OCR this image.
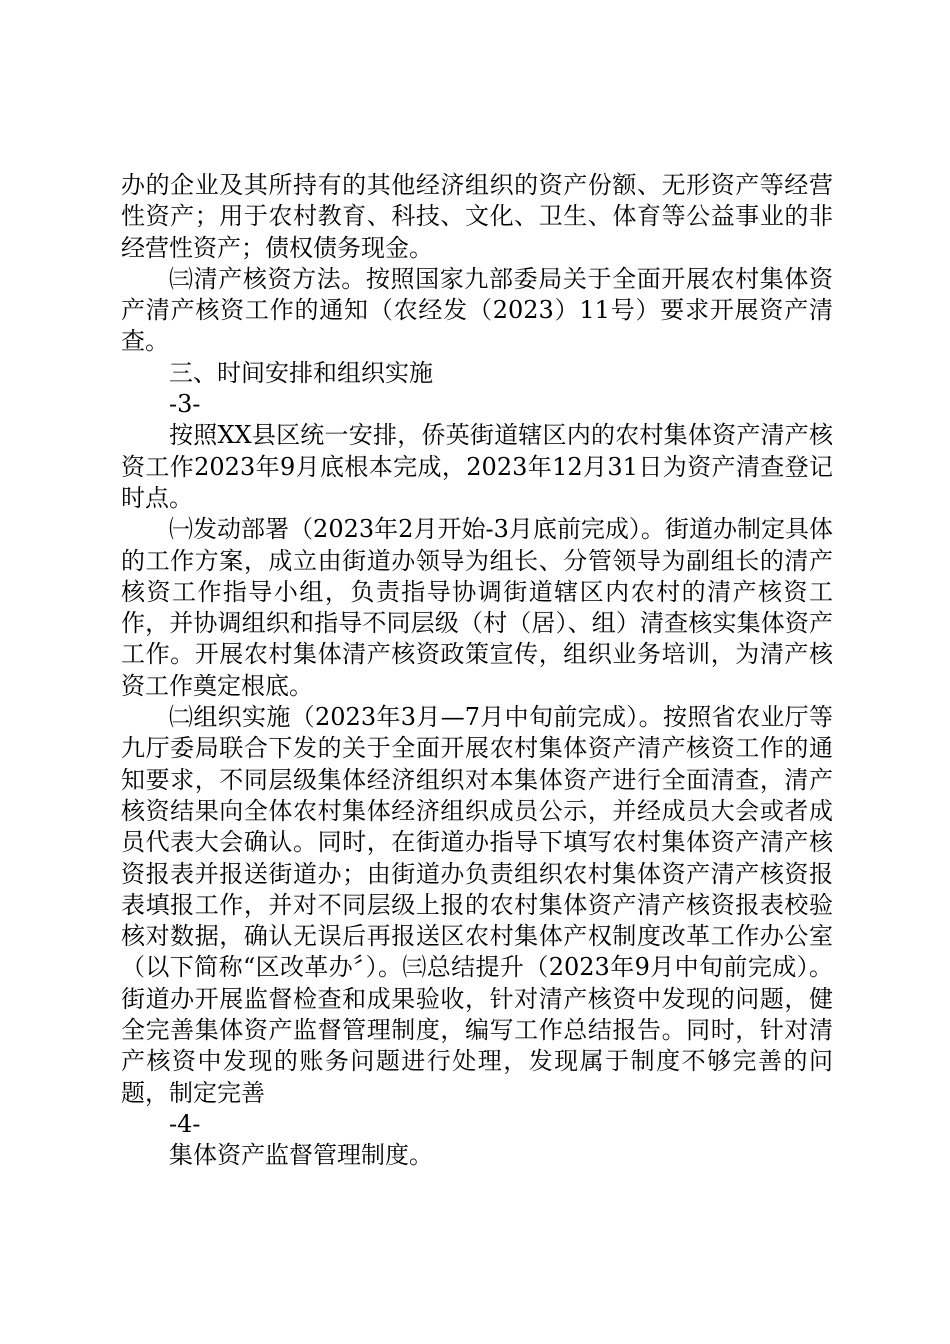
办的企业及其所持有的其他经济组织的资产份额、无形资产等经营性资产；用于农村教育、科技、文化、卫生、体育等公益事业的非经营性资产；债权债务现金。

㈢清产核资方法。按照国家九部委局关于全面开展农村集体资产清产核资工作的通知（农经发（2023）11号）要求开展资产清查。

三、时间安排和组织实施

-3-

按照XX县区统一安排，侨英街道辖区内的农村集体资产清产核资工作2023年9月底根本完成，2023年12月31日为资产清查登记时点。

㈠发动部署（2023年2月开始-3月底前完成）。街道办制定具体的工作方案，成立由街道办领导为组长、分管领导为副组长的清产核资工作指导小组，负责指导协调街道辖区内农村的清产核资工作，并协调组织和指导不同层级（村（居）、组）清查核实集体资产工作。开展农村集体清产核资政策宣传，组织业务培训，为清产核资工作奠定根底。

㈡组织实施（2023年3月—7月中旬前完成）。按照省农业厅等九厅委局联合下发的关于全面开展农村集体资产清产核资工作的通知要求，不同层级集体经济组织对本集体资产进行全面清查，清产核资结果向全体农村集体经济组织成员公示，并经成员大会或者成员代表大会确认。同时，在街道办指导下填写农村集体资产清产核资报表并报送街道办；由街道办负责组织农村集体资产清产核资报表填报工作，并对不同层级上报的农村集体资产清产核资报表校验核对数据，确认无误后再报送区农村集体产权制度改革工作办公室（以下简称“区改革办〞）。㈢总结提升（2023年9月中旬前完成）。街道办开展监督检查和成果验收，针对清产核资中发现的问题，健全完善集体资产监督管理制度，编写工作总结报告。同时，针对清产核资中发现的账务问题进行处理，发现属于制度不够完善的问题，制定完善

-4-

集体资产监督管理制度。
